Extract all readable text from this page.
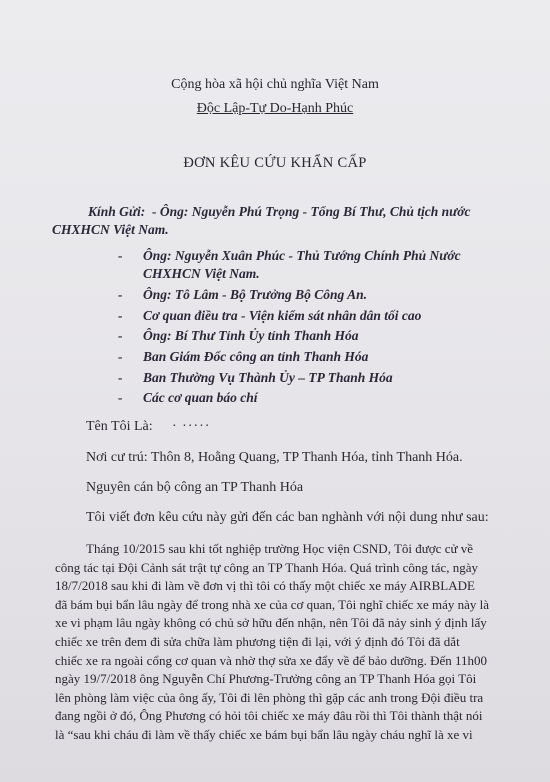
Cộng hòa xã hội chủ nghĩa Việt Nam
Độc Lập-Tự Do-Hạnh Phúc
ĐƠN KÊU CỨU KHẨN CẤP
Kính Gửi: - Ông: Nguyễn Phú Trọng - Tổng Bí Thư, Chủ tịch nước
CHXHCN Việt Nam.
- Ông: Nguyễn Xuân Phúc - Thủ Tướng Chính Phủ Nước
CHXHCN Việt Nam.
- Ông: Tô Lâm - Bộ Trưởng Bộ Công An.
- Cơ quan điều tra - Viện kiểm sát nhân dân tối cao
- Ông: Bí Thư Tỉnh Ủy tỉnh Thanh Hóa
- Ban Giám Đốc công an tỉnh Thanh Hóa
- Ban Thường Vụ Thành Ủy – TP Thanh Hóa
- Các cơ quan báo chí
Tên Tôi Là: · ·····
Nơi cư trú: Thôn 8, Hoằng Quang, TP Thanh Hóa, tỉnh Thanh Hóa.
Nguyên cán bộ công an TP Thanh Hóa
Tôi viết đơn kêu cứu này gửi đến các ban nghành với nội dung như sau:
Tháng 10/2015 sau khi tốt nghiệp trường Học viện CSND, Tôi được cử về
công tác tại Đội Cảnh sát trật tự công an TP Thanh Hóa. Quá trình công tác, ngày
18/7/2018 sau khi đi làm về đơn vị thì tôi có thấy một chiếc xe máy AIRBLADE
đã bám bụi bẩn lâu ngày để trong nhà xe của cơ quan, Tôi nghĩ chiếc xe máy này là
xe vi phạm lâu ngày không có chủ sở hữu đến nhận, nên Tôi đã nảy sinh ý định lấy
chiếc xe trên đem đi sửa chữa làm phương tiện đi lại, với ý định đó Tôi đã dắt
chiếc xe ra ngoài cổng cơ quan và nhờ thợ sửa xe đẩy về để bảo dưỡng. Đến 11h00
ngày 19/7/2018 ông Nguyễn Chí Phương-Trưởng công an TP Thanh Hóa gọi Tôi
lên phòng làm việc của ông ấy, Tôi đi lên phòng thì gặp các anh trong Đội điều tra
đang ngồi ở đó, Ông Phương có hỏi tôi chiếc xe máy đâu rồi thì Tôi thành thật nói
là “sau khi cháu đi làm về thấy chiếc xe bám bụi bẩn lâu ngày cháu nghĩ là xe vi
